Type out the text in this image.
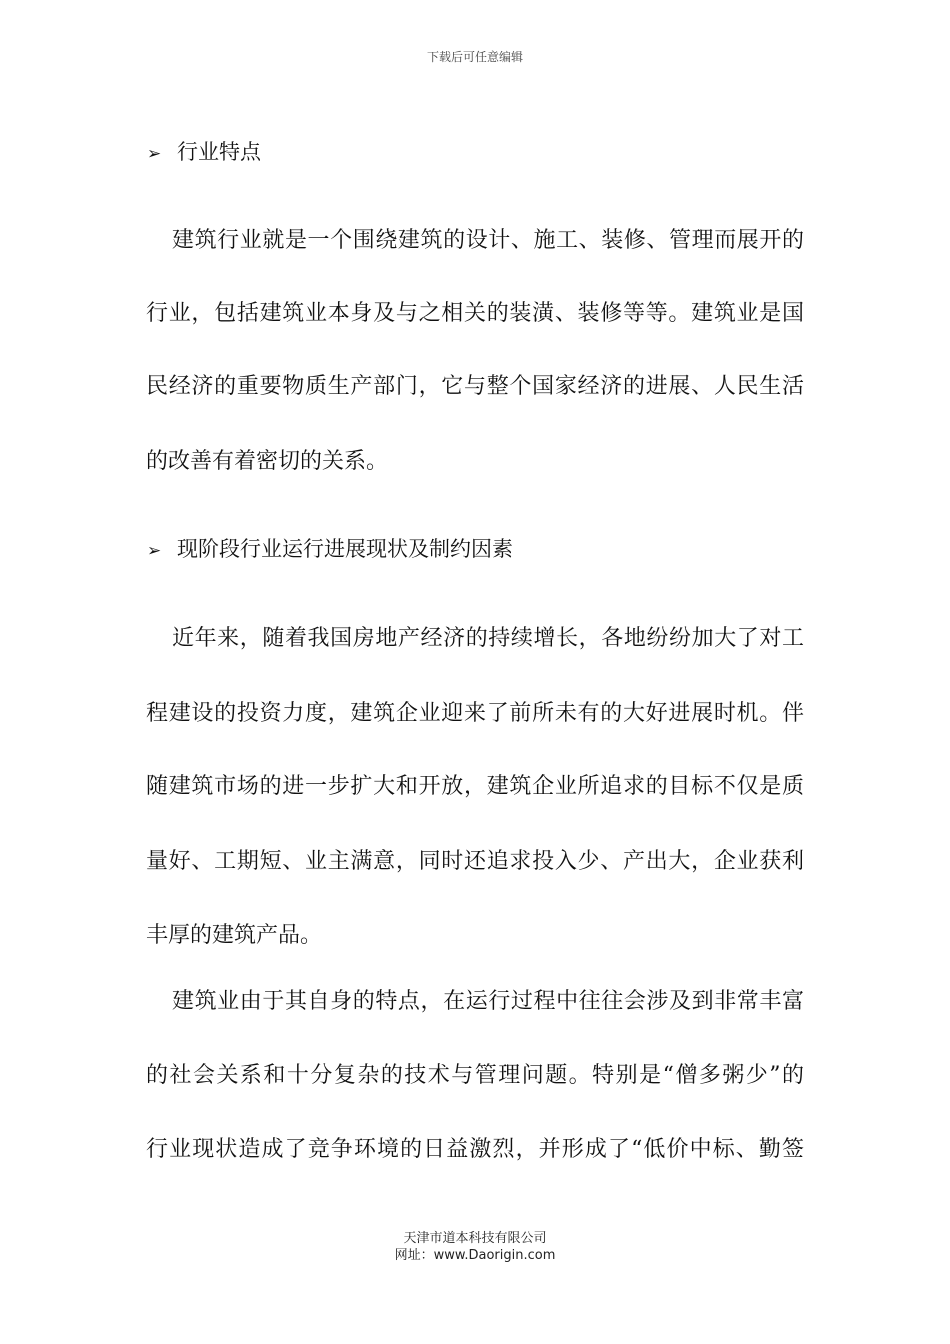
下载后可任意编辑
➢ 行业特点
建筑行业就是一个围绕建筑的设计、施工、装修、管理而展开的
行业，包括建筑业本身及与之相关的装潢、装修等等。建筑业是国
民经济的重要物质生产部门，它与整个国家经济的进展、人民生活
的改善有着密切的关系。
➢ 现阶段行业运行进展现状及制约因素
近年来，随着我国房地产经济的持续增长，各地纷纷加大了对工
程建设的投资力度，建筑企业迎来了前所未有的大好进展时机。伴
随建筑市场的进一步扩大和开放，建筑企业所追求的目标不仅是质
量好、工期短、业主满意，同时还追求投入少、产出大，企业获利
丰厚的建筑产品。
建筑业由于其自身的特点，在运行过程中往往会涉及到非常丰富
的社会关系和十分复杂的技术与管理问题。特别是“僧多粥少”的
行业现状造成了竞争环境的日益激烈，并形成了“低价中标、勤签
天津市道本科技有限公司
网址：www.Daorigin.com
